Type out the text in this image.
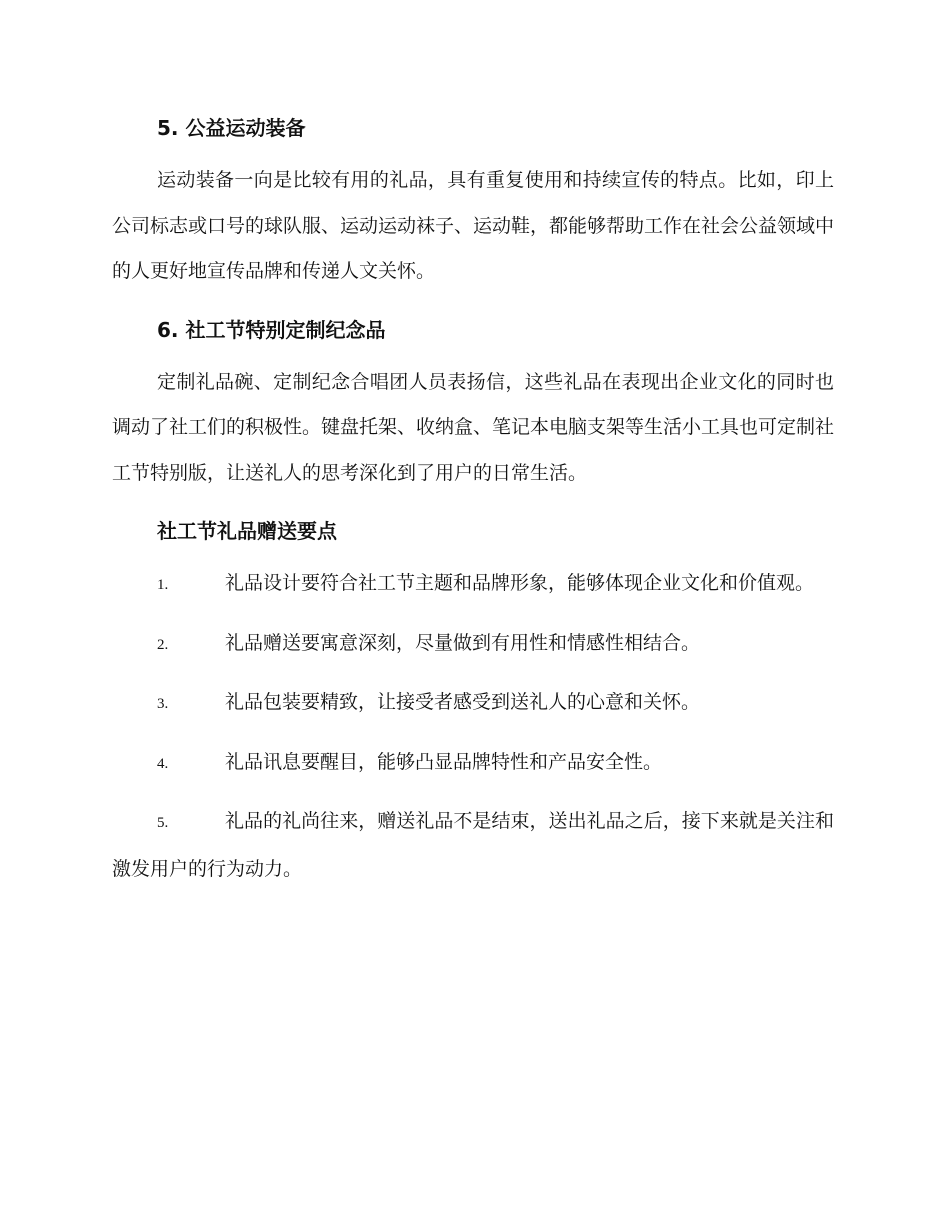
5. 公益运动装备

运动装备一向是比较有用的礼品，具有重复使用和持续宣传的特点。比如，印上公司标志或口号的球队服、运动运动袜子、运动鞋，都能够帮助工作在社会公益领域中的人更好地宣传品牌和传递人文关怀。

6. 社工节特别定制纪念品

定制礼品碗、定制纪念合唱团人员表扬信，这些礼品在表现出企业文化的同时也调动了社工们的积极性。键盘托架、收纳盒、笔记本电脑支架等生活小工具也可定制社工节特别版，让送礼人的思考深化到了用户的日常生活。

社工节礼品赠送要点

1.	礼品设计要符合社工节主题和品牌形象，能够体现企业文化和价值观。

2.	礼品赠送要寓意深刻，尽量做到有用性和情感性相结合。

3.	礼品包装要精致，让接受者感受到送礼人的心意和关怀。

4.	礼品讯息要醒目，能够凸显品牌特性和产品安全性。

5.	礼品的礼尚往来，赠送礼品不是结束，送出礼品之后，接下来就是关注和激发用户的行为动力。
